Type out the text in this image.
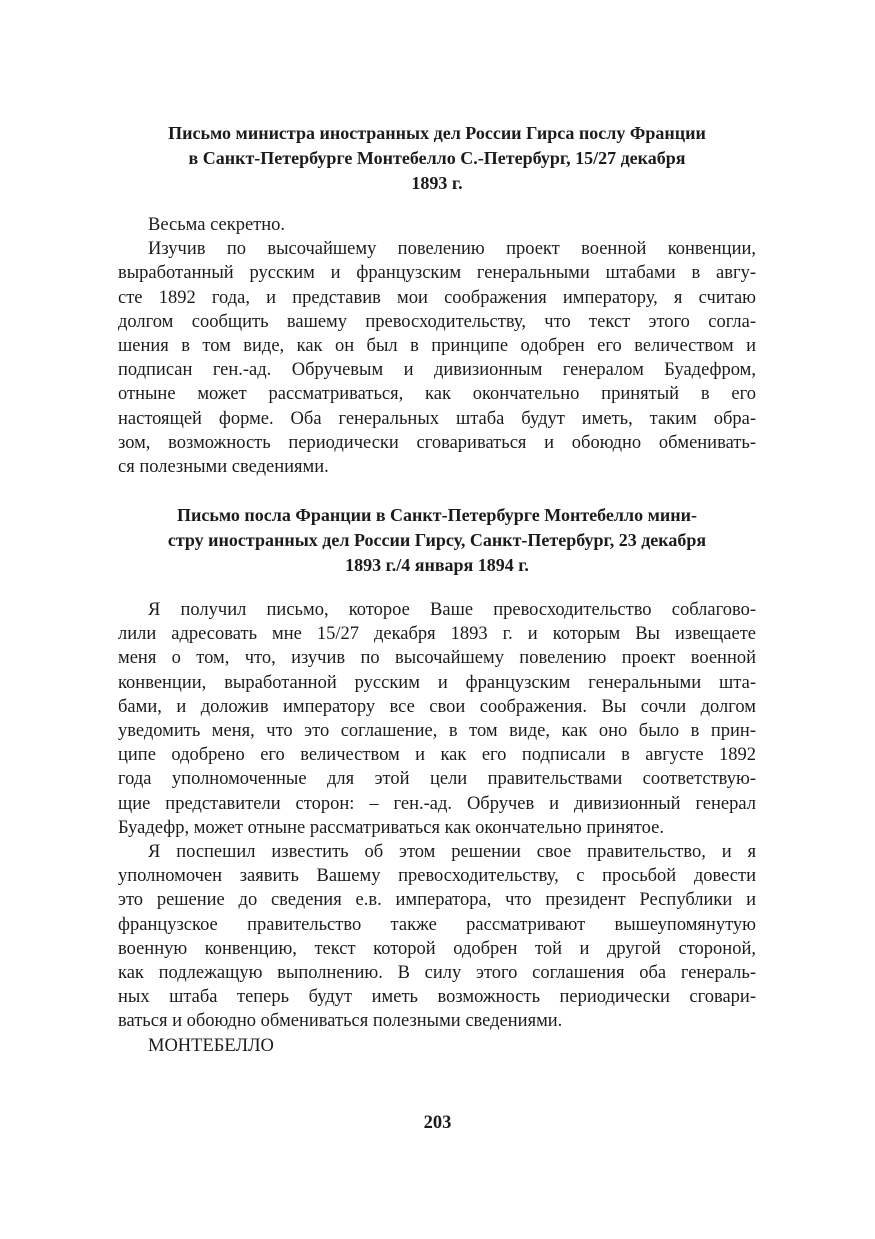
Письмо министра иностранных дел России Гирса послу Франции
в Санкт-Петербурге Монтебелло С.-Петербург, 15/27 декабря
1893 г.
Весьма секретно.
Изучив по высочайшему повелению проект военной конвенции,
выработанный русским и французским генеральными штабами в авгу-
сте 1892 года, и представив мои соображения императору, я считаю
долгом сообщить вашему превосходительству, что текст этого согла-
шения в том виде, как он был в принципе одобрен его величеством и
подписан ген.-ад. Обручевым и дивизионным генералом Буадефром,
отныне может рассматриваться, как окончательно принятый в его
настоящей форме. Оба генеральных штаба будут иметь, таким обра-
зом, возможность периодически сговариваться и обоюдно обменивать-
ся полезными сведениями.
Письмо посла Франции в Санкт-Петербурге Монтебелло мини-
стру иностранных дел России Гирсу, Санкт-Петербург, 23 декабря
1893 г./4 января 1894 г.
Я получил письмо, которое Ваше превосходительство соблагово-
лили адресовать мне 15/27 декабря 1893 г. и которым Вы извещаете
меня о том, что, изучив по высочайшему повелению проект военной
конвенции, выработанной русским и французским генеральными шта-
бами, и доложив императору все свои соображения. Вы сочли долгом
уведомить меня, что это соглашение, в том виде, как оно было в прин-
ципе одобрено его величеством и как его подписали в августе 1892
года уполномоченные для этой цели правительствами соответствую-
щие представители сторон: – ген.-ад. Обручев и дивизионный генерал
Буадефр, может отныне рассматриваться как окончательно принятое.
Я поспешил известить об этом решении свое правительство, и я
уполномочен заявить Вашему превосходительству, с просьбой довести
это решение до сведения е.в. императора, что президент Республики и
французское правительство также рассматривают вышеупомянутую
военную конвенцию, текст которой одобрен той и другой стороной,
как подлежащую выполнению. В силу этого соглашения оба генераль-
ных штаба теперь будут иметь возможность периодически сговари-
ваться и обоюдно обмениваться полезными сведениями.
МОНТЕБЕЛЛО
203
